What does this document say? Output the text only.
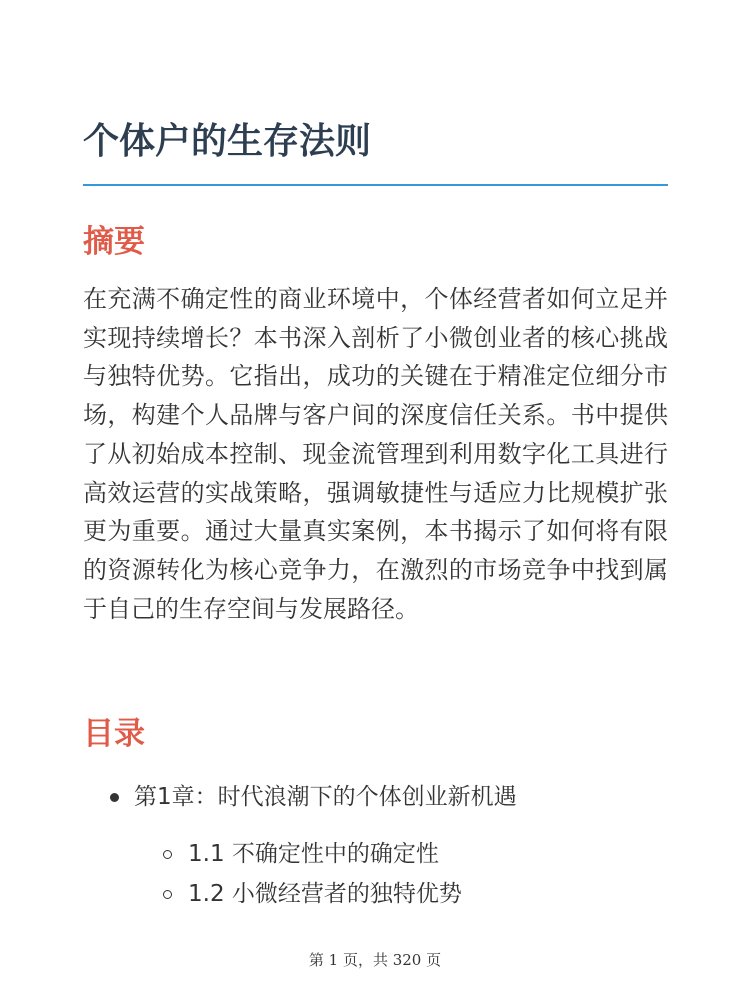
个体户的生存法则
摘要

在充满不确定性的商业环境中，个体经营者如何立足并实现持续增长？本书深入剖析了小微创业者的核心挑战与独特优势。它指出，成功的关键在于精准定位细分市场，构建个人品牌与客户间的深度信任关系。书中提供了从初始成本控制、现金流管理到利用数字化工具进行高效运营的实战策略，强调敏捷性与适应力比规模扩张更为重要。通过大量真实案例，本书揭示了如何将有限的资源转化为核心竞争力，在激烈的市场竞争中找到属于自己的生存空间与发展路径。

目录
第1章：时代浪潮下的个体创业新机遇
1.1 不确定性中的确定性
1.2 小微经营者的独特优势
第 1 页，共 320 页
